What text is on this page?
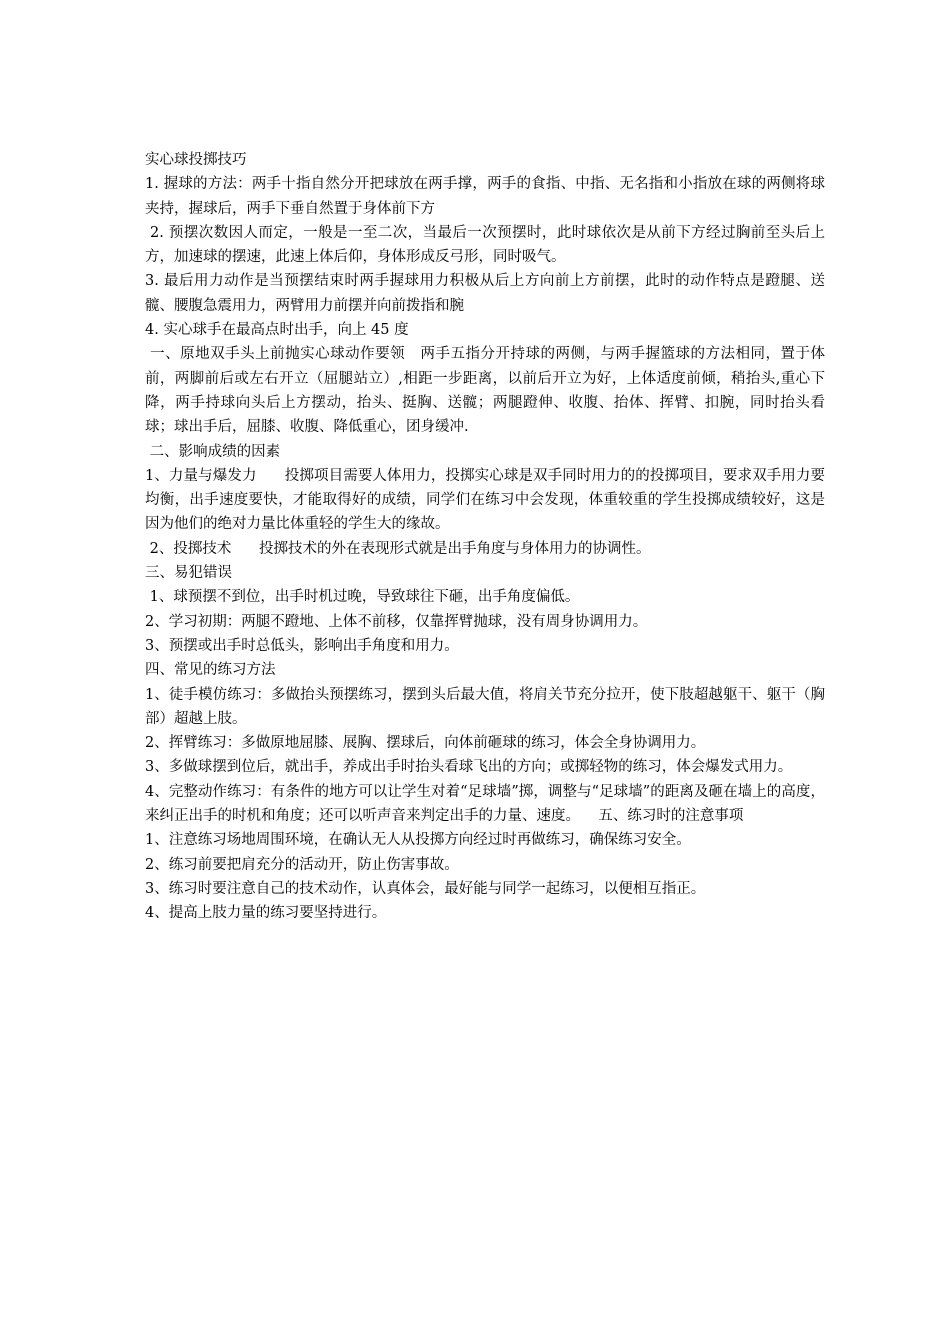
实心球投掷技巧

1. 握球的方法：两手十指自然分开把球放在两手撑，两手的食指、中指、无名指和小指放在球的两侧将球夹持，握球后，两手下垂自然置于身体前下方

2. 预摆次数因人而定，一般是一至二次，当最后一次预摆时，此时球依次是从前下方经过胸前至头后上方，加速球的摆速，此速上体后仰，身体形成反弓形，同时吸气。

3. 最后用力动作是当预摆结束时两手握球用力积极从后上方向前上方前摆，此时的动作特点是蹬腿、送髋、腰腹急震用力，两臂用力前摆并向前拨指和腕

4. 实心球手在最高点时出手，向上 45 度

一、原地双手头上前抛实心球动作要领   两手五指分开持球的两侧，与两手握篮球的方法相同，置于体前，两脚前后或左右开立（屈腿站立）,相距一步距离，以前后开立为好，上体适度前倾，稍抬头,重心下降，两手持球向头后上方摆动，抬头、挺胸、送髋；两腿蹬伸、收腹、抬体、挥臂、扣腕，同时抬头看球；球出手后，屈膝、收腹、降低重心，团身缓冲.

二、影响成绩的因素

1、力量与爆发力      投掷项目需要人体用力，投掷实心球是双手同时用力的的投掷项目，要求双手用力要均衡，出手速度要快，才能取得好的成绩，同学们在练习中会发现，体重较重的学生投掷成绩较好，这是因为他们的绝对力量比体重轻的学生大的缘故。

2、投掷技术      投掷技术的外在表现形式就是出手角度与身体用力的协调性。

三、易犯错误

1、球预摆不到位，出手时机过晚，导致球往下砸，出手角度偏低。

2、学习初期：两腿不蹬地、上体不前移，仅靠挥臂抛球，没有周身协调用力。

3、预摆或出手时总低头，影响出手角度和用力。

四、常见的练习方法

1、徒手模仿练习：多做抬头预摆练习，摆到头后最大值，将肩关节充分拉开，使下肢超越躯干、躯干（胸部）超越上肢。

2、挥臂练习：多做原地屈膝、展胸、摆球后，向体前砸球的练习，体会全身协调用力。

3、多做球摆到位后，就出手，养成出手时抬头看球飞出的方向；或掷轻物的练习，体会爆发式用力。

4、完整动作练习：有条件的地方可以让学生对着“足球墙”掷，调整与“足球墙”的距离及砸在墙上的高度，来纠正出手的时机和角度；还可以听声音来判定出手的力量、速度。    五、练习时的注意事项

1、注意练习场地周围环境，在确认无人从投掷方向经过时再做练习，确保练习安全。

2、练习前要把肩充分的活动开，防止伤害事故。

3、练习时要注意自己的技术动作，认真体会，最好能与同学一起练习，以便相互指正。

4、提高上肢力量的练习要坚持进行。
